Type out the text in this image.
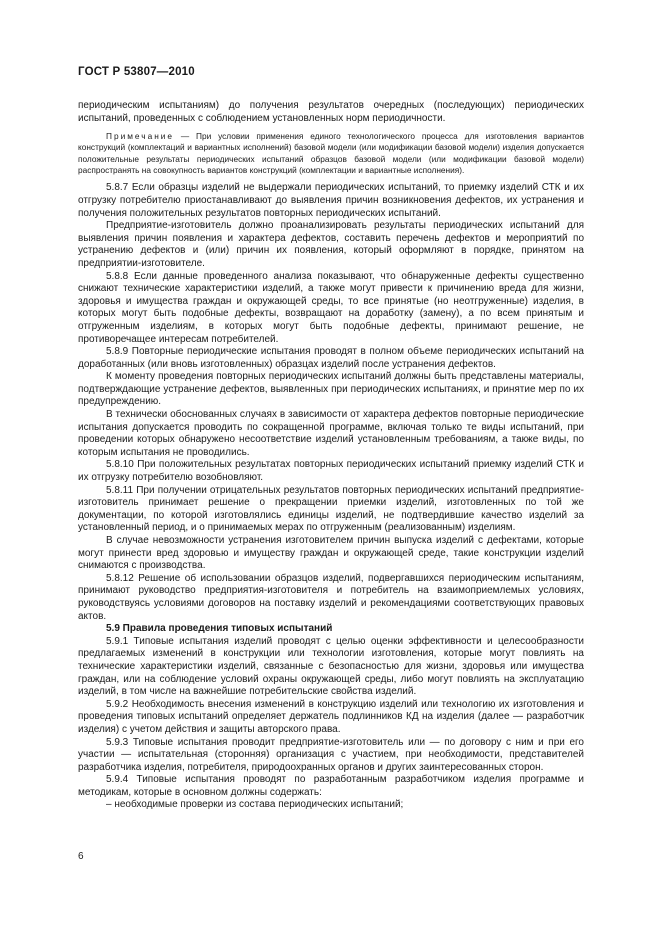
ГОСТ Р 53807—2010

периодическим испытаниям) до получения результатов очередных (последующих) периодических испытаний, проведенных с соблюдением установленных норм периодичности.

Примечание — При условии применения единого технологического процесса для изготовления вариантов конструкций (комплектаций и вариантных исполнений) базовой модели (или модификации базовой модели) изделия допускается положительные результаты периодических испытаний образцов базовой модели (или модификации базовой модели) распространять на совокупность вариантов конструкций (комплектации и вариантные исполнения).

5.8.7 Если образцы изделий не выдержали периодических испытаний, то приемку изделий СТК и их отгрузку потребителю приостанавливают до выявления причин возникновения дефектов, их устранения и получения положительных результатов повторных периодических испытаний.

Предприятие-изготовитель должно проанализировать результаты периодических испытаний для выявления причин появления и характера дефектов, составить перечень дефектов и мероприятий по устранению дефектов и (или) причин их появления, который оформляют в порядке, принятом на предприятии-изготовителе.

5.8.8 Если данные проведенного анализа показывают, что обнаруженные дефекты существенно снижают технические характеристики изделий, а также могут привести к причинению вреда для жизни, здоровья и имущества граждан и окружающей среды, то все принятые (но неотгруженные) изделия, в которых могут быть подобные дефекты, возвращают на доработку (замену), а по всем принятым и отгруженным изделиям, в которых могут быть подобные дефекты, принимают решение, не противоречащее интересам потребителей.

5.8.9 Повторные периодические испытания проводят в полном объеме периодических испытаний на доработанных (или вновь изготовленных) образцах изделий после устранения дефектов.

К моменту проведения повторных периодических испытаний должны быть представлены материалы, подтверждающие устранение дефектов, выявленных при периодических испытаниях, и принятие мер по их предупреждению.

В технически обоснованных случаях в зависимости от характера дефектов повторные периодические испытания допускается проводить по сокращенной программе, включая только те виды испытаний, при проведении которых обнаружено несоответствие изделий установленным требованиям, а также виды, по которым испытания не проводились.

5.8.10 При положительных результатах повторных периодических испытаний приемку изделий СТК и их отгрузку потребителю возобновляют.

5.8.11 При получении отрицательных результатов повторных периодических испытаний предприятие-изготовитель принимает решение о прекращении приемки изделий, изготовленных по той же документации, по которой изготовлялись единицы изделий, не подтвердившие качество изделий за установленный период, и о принимаемых мерах по отгруженным (реализованным) изделиям.

В случае невозможности устранения изготовителем причин выпуска изделий с дефектами, которые могут принести вред здоровью и имуществу граждан и окружающей среде, такие конструкции изделий снимаются с производства.

5.8.12 Решение об использовании образцов изделий, подвергавшихся периодическим испытаниям, принимают руководство предприятия-изготовителя и потребитель на взаимоприемлемых условиях, руководствуясь условиями договоров на поставку изделий и рекомендациями соответствующих правовых актов.

5.9 Правила проведения типовых испытаний

5.9.1 Типовые испытания изделий проводят с целью оценки эффективности и целесообразности предлагаемых изменений в конструкции или технологии изготовления, которые могут повлиять на технические характеристики изделий, связанные с безопасностью для жизни, здоровья или имущества граждан, или на соблюдение условий охраны окружающей среды, либо могут повлиять на эксплуатацию изделий, в том числе на важнейшие потребительские свойства изделий.

5.9.2 Необходимость внесения изменений в конструкцию изделий или технологию их изготовления и проведения типовых испытаний определяет держатель подлинников КД на изделия (далее — разработчик изделия) с учетом действия и защиты авторского права.

5.9.3 Типовые испытания проводит предприятие-изготовитель или — по договору с ним и при его участии — испытательная (сторонняя) организация с участием, при необходимости, представителей разработчика изделия, потребителя, природоохранных органов и других заинтересованных сторон.

5.9.4 Типовые испытания проводят по разработанным разработчиком изделия программе и методикам, которые в основном должны содержать:

– необходимые проверки из состава периодических испытаний;
6
